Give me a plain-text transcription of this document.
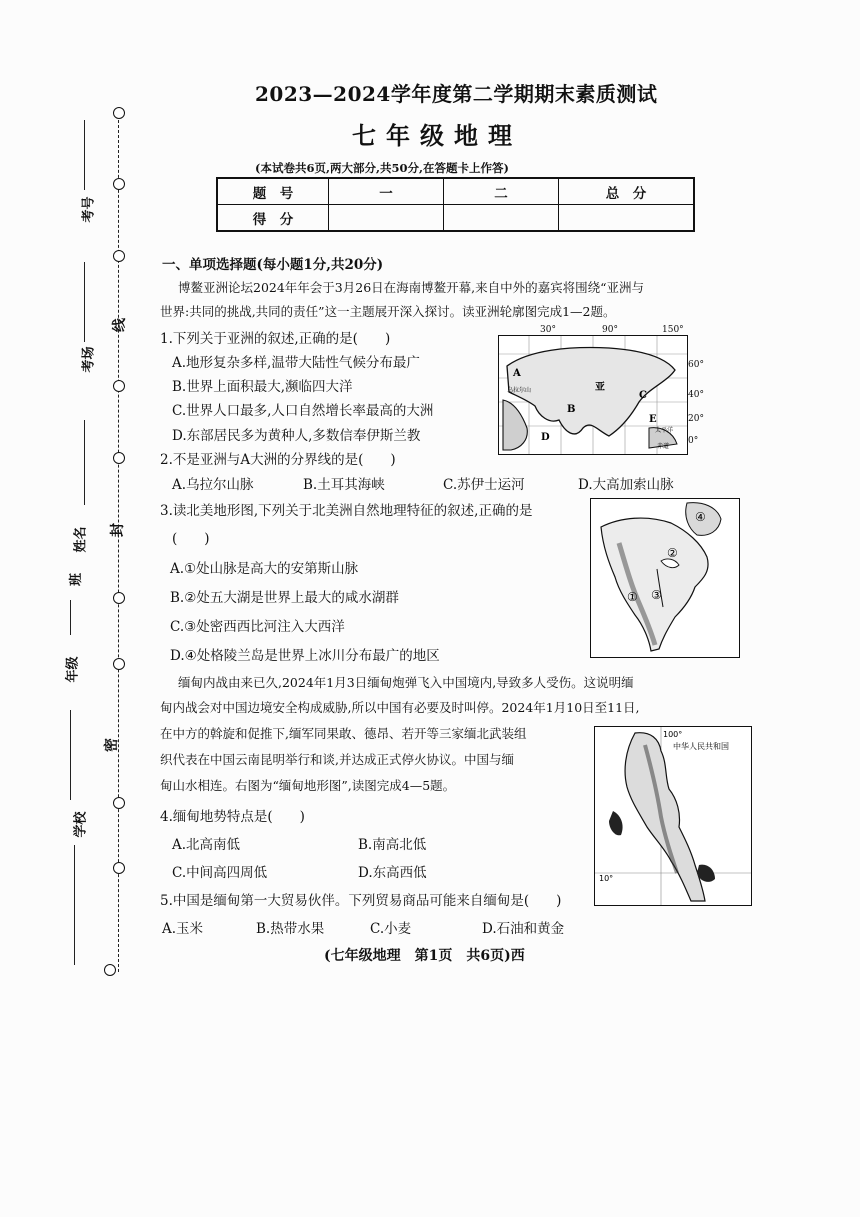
线
封
密
考号
考场
姓名
班
年级
学校
2023—2024学年度第二学期期末素质测试
七年级地理
(本试卷共6页,两大部分,共50分,在答题卡上作答)
题　号	一	二	总　分
得　分			
一、单项选择题(每小题1分,共20分)
博鳌亚洲论坛2024年年会于3月26日在海南博鳌开幕,来自中外的嘉宾将围绕“亚洲与
世界:共同的挑战,共同的责任”这一主题展开深入探讨。读亚洲轮廓图完成1—2题。
1.下列关于亚洲的叙述,正确的是(　　)
A.地形复杂多样,温带大陆性气候分布最广
B.世界上面积最大,濒临四大洋
C.世界人口最多,人口自然增长率最高的大洲
D.东部居民多为黄种人,多数信奉伊斯兰教
2.不是亚洲与A大洲的分界线的是(　　)
A.乌拉尔山脉	B.土耳其海峡	C.苏伊士运河	D.大高加索山脉
A
乌拉尔山	亚
B
C
D
E
太平洋
赤道
30°	90°	150°
60°
40°
20°
0°
3.读北美地形图,下列关于北美洲自然地理特征的叙述,正确的是
(　　)
A.①处山脉是高大的安第斯山脉
B.②处五大湖是世界上最大的咸水湖群
C.③处密西西比河注入大西洋
D.④处格陵兰岛是世界上冰川分布最广的地区
①
②
③
④
缅甸内战由来已久,2024年1月3日缅甸炮弹飞入中国境内,导致多人受伤。这说明缅
甸内战会对中国边境安全构成威胁,所以中国有必要及时叫停。2024年1月10日至11日,
在中方的斡旋和促推下,缅军同果敢、德昂、若开等三家缅北武装组
织代表在中国云南昆明举行和谈,并达成正式停火协议。中国与缅
甸山水相连。右图为“缅甸地形图”,读图完成4—5题。
中华人民共和国
100°
10°
4.缅甸地势特点是(　　)
A.北高南低	B.南高北低
C.中间高四周低	D.东高西低
5.中国是缅甸第一大贸易伙伴。下列贸易商品可能来自缅甸是(　　)
A.玉米	B.热带水果	C.小麦	D.石油和黄金
(七年级地理　第1页　共6页)西
